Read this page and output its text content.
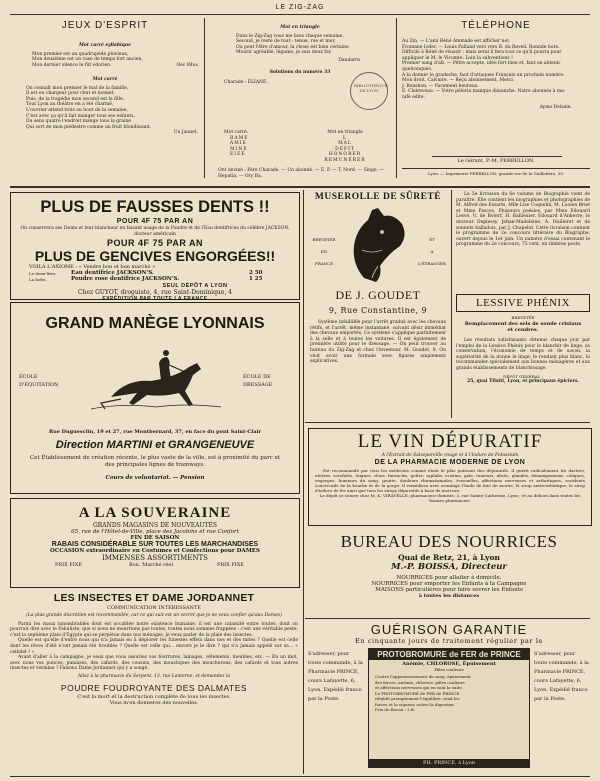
LE ZIG-ZAG
JEUX D'ESPRIT
Mot carré syllabique
Mon premier est un quadrupède pluvieux,
Mon deuxième est un vase de temps fort ancien,
Mon dernier silence le fût odorien.	Oec iMus
Mot carré
On connaît mon premier le mal de la famille,
Il est en chargeur pour chut et bonnet.
Puis, de la tragédie mon second est la fille,
Tout Lyon au théâtre en a été charmé,
L'ouvrier attend trois au bout de la semaine,
C'est avec ça qu'il fait manger tous ses enfants,
Du sens quatre l'endroit mange tous la graine
Qui sort de mon piédestre comme un fruit blondissant.
Un Jaunet.
Mot en triangle
Dans le Zig-Zag vous me lisez chaque semaine,
Second, je reste de tout : tenue, rue et mer,
Ou peut l'être d'amour, la chose est bien certaine,
Mourir agréable, légume, je suis doux fer.
Dandarra
Solutions du numéro 33
Charade : ÉLIANE.
Mot carré.
RAME
AMIE
MINE
EIEE
Mot en triangle
L
MAL
DÉFIT
HONORER
REMUNÉRER
Ont deviné : Père Charade. — Un abonné. — E. P. — T. Nord. — Singe. — Hepatia. — Ory Ba.
BIBLIOTHÈQUE DE LYON
TÉLÉPHONE
Au Zin. — L'ami Réné Ammade est afficher net.
Fromane Ioder. — Louis Palland vers vers B. du Reveil. Ronnde hors.
Difficile à Réné de réussir ; mais serai il fera tout ce qu'il pourra pour
appliquer le M. le Vicomte. Loin la subventions !
Premier sang d'alt. — Pêtre accepte, idée fort bien et, faut en abtenir
quelconques.
A la donner le gradeche, faut d'attaques Français un prochain numéro.
Mon droit. Calvaire. — Reçu abonnement. Merci.
J. Bonsbon. — Pacement heureux.
E. Claireveau. — Votre pèlerin manque dimanche. Notre abonnés à ma-
nifé edite.
Ayme Delsein.
Le Gérant, P.-M. PERRELLON.
Lyon. — Imprimerie PERRELLON, grande rue de la Guillotière, 39.
PLUS DE FAUSSES DENTS !!
POUR 4F 75 PAR AN
On conservera ses Dents et leur blancheur en faisant usage de la Poudre et de l'Eau dentifrices du célèbre JACKSON, docteur américain
POUR 4F 75 PAR AN
PLUS DE GENCIVES ENGORGÉES!!
VOILA L'AXIOME : « Vendre bon et bon marché »
Le demi-litre.	Eau dentifrice JACKSON'S.	2 50
La boîte.	Poudre rose dentifrice JACKSON'S.	1 25
SEUL DÉPÔT A LYON
Chez GUYOT, droguiste, 4, rue Saint-Dominique, 4
EXPÉDITION PAR TOUTE LA FRANCE
GRAND MANÈGE LYONNAIS
ÉCOLE D'ÉQUITATION
ÉCOLE DE DRESSAGE
Rue Duguesclin, 19 et 27, rue Montbernard, 37, en face du pont Saint-Clair
Direction MARTINI et GRANGENEUVE
Cet Établissement de création récente, le plus vaste de la ville, est à proximité du parc et des principales lignes de tramways.
Cours de voluntariat. — Pension
A LA SOUVERAINE
GRANDS MAGASINS DE NOUVEAUTÉS
65, rue de l'Hôtel-de-Ville, place des Jacobins et rue Confort
FIN DE SAISON
RABAIS CONSIDÉRABLE SUR TOUTES LES MARCHANDISES
OCCASION extraordinaire en Costumes et Confections pour DAMES
IMMENSES ASSORTIMENTS
PRIX FIXE	Bon. Marché réel	PRIX FIXE
LES INSECTES ET DAME JORDANNET
COMMUNICATION INTÉRESSANTE
(La plus grande discrétion est recommandée, car ce qui suit est un secret que je ne veux confier qu'aux Dames)
Parmi les maux innombrables dont est accablée notre existence humaine, il est une calamité entre toutes, dont on pourrait dire avec le Fabuliste, que si nous ne mourrions pas toutes, toutes nous sommes frappées : c'est une véritable peste, c'est la septième plaie d'Égypte qui se perpétue dans nos ménages, je veux parler de la plaie des insectes.
Quelle est qu'elle d'entre nous qui n'a jamais eu à déplorer les funestes effets dans nos et des mites ? Quelle est celle dont les rêves d'été n'ont jamais été troublés ? Quelle est celle qui... encore je le dire ? qui n'a jamais appelé sur sa... « cellulet ! »
Avant d'aller à la campagne, je veux que vous assuriez vos fourrures, lainages, vêtements, meubles, etc. — En un mot, avec nous vos punces, punaises, des cafards, des cousins, des moustiques des moucherons, des cafards et tous autres insectes et vermine ? Faisons Dame Jordannet qui y a songé.
Allez à la pharmacie du Serpent, 13, rue Lanterne, et demandez la
POUDRE FOUDROYANTE DES DALMATES
C'est la mort et la destruction complète de tous les insectes.
Vous m'en donnerez des nouvelles.
MUSEROLLE DE SÛRETÉ
BREVETÉE
EN
FRANCE
ET
A
L'ÉTRANGER
DE J. GOUDET
9, Rue Constantine, 9
Système infaillible pour l'arrêt gradué avec les chevaux rétifs, et l'arrêt, même instantané, suivant désir immédiat des chevaux emportés. Ce système s'applique parfaitement à la selle et à toutes les voitures. Il est également de première utilité pour le dressage. — On peut trouver au bureau du Zig-Zag et chez l'inventeur, M. Goudet, 9, On veut avoir une formule avec figures amplement explicatives.
La 5e livraison du 6e volume de Biographie vient de paraître. Elle contient les biographies et photographies de M. Alfred des Essarts, Mlle Lise Coquelin, M. Lucien Briet et Mme Pascos, Plusieurs poésies, par Mme Edouard Lesvé, U. de Boterf, H. Ballieuier, Edouard d'Ankerre, le docteur Daplessy, Jehan-Madeleine, A. Huilleret et de sonnets balladois, par J. Chapelot. Cette livraison contient le programme de 2e concours littéraire du Biographe, ouvert depuis le 1er juin. Un numéro d'essai contenant le programme du 2e concours, 75 cent. en timbres poste.
LESSIVE PHÉNIX
BREVETÉE
Remplacement des sels de soude cristaux et cendres.
Les résultats satisfaisants obtenus chaque jour par l'emploi de la Lessive Phénix pour le blanchir de linge, sa conservation, l'économie de temps et de savon, la supériorité de la donne le linge, le rendant plus blanc, la recommander spécialement aux bonnes ménagères et aux grands établissements de blanchissage.
DÉPÔT GÉNÉRAL :
25, quai Tilsitt, Lyon, et principaux épiciers.
LE VIN DÉPURATIF
A l'Extrait de Salsepareille rouge et à l'Iodure de Potassium
DE LA PHARMACIE MODERNE DE LYON
Est recommandé par tous les médecins comme étant le plus puissant des dépuratifs. Il guérit radicalement les dartres, ulcères, scrofules, teignes, clous, furoncles, goître, syphilis, eczéma, gale, tumeurs, abcès, glandes, démangeaisons, coliques, engorges, humeurs du sang, goutte, douleurs rhumatismales, écrouelles, affections nerveuses et arthritiques, accidents consécutifs de la bourbe et de la gorge. Il remédiera avec avantage l'huile de foie de morue, le sirop antiscorbutique, le sirop d'iodure de fer ainsi que tous les sirops dépuratifs à base de mercure.
Le dépôt se trouve chez M. K. VIRAVELLE, pharmacien-chimiste, 3, rue Sainte-Catherine, Lyon ; et au dehors dans toutes les bonnes pharmacies.
BUREAU DES NOURRICES
Quai de Retz, 21, à Lyon
M.-P. BOISSA, Directeur
NOURRICES pour allaiter à domicile.
NOURRICES pour emporter les Enfants à la Campagne
MAISONS particulières pour faire sevrer les Enfants
à toutes les distances
GUÉRISON GARANTIE
En cinquante jours de traitement régulier par le
S'adresser, pour toute commande, à la Pharmacie PRINCE, cours Lafayette, 6, Lyon. Expédié franco par la Poste.
S'adresser, pour toute commande, à la Pharmacie PRINCE, cours Lafayette, 6, Lyon. Expédié franco par la Poste.
PROTOBROMURE de FER de PRINCE
Anémie, CHLOROSE, Épuisement
Pâles couleurs
Contre l'appauvrissement du sang, épuisement
des forces, anémie, chlorose, pâles couleurs
et affections nerveuses qui en sont la suite.
Le PROTOBROMURE de FER de PRINCE
rétablit promptement l'équilibre, rend les
forces et la vigueur, active la digestion.
Prix du flacon : 3 fr.
PH. PRINCE, à Lyon
